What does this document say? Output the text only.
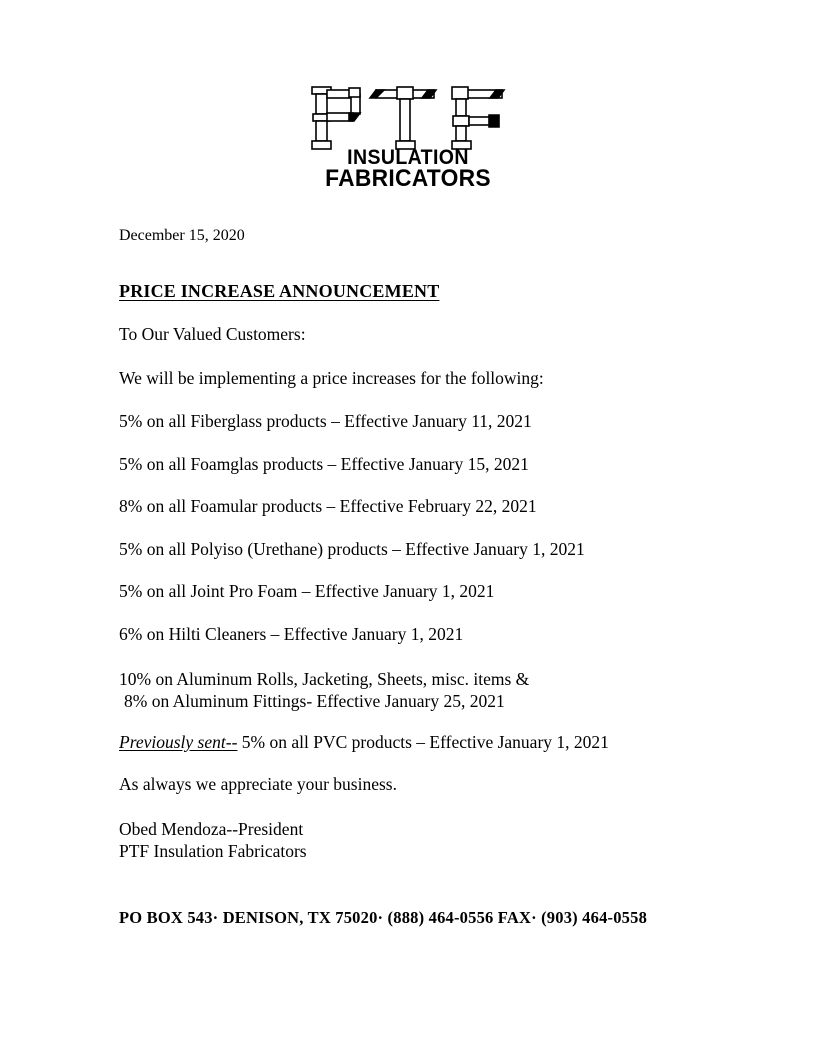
INSULATION
FABRICATORS
December 15, 2020
PRICE INCREASE ANNOUNCEMENT
To Our Valued Customers:
We will be implementing a price increases for the following:
5% on all Fiberglass products – Effective January 11, 2021
5% on all Foamglas products – Effective January 15, 2021
8% on all Foamular products – Effective February 22, 2021
5% on all Polyiso (Urethane) products – Effective January 1, 2021
5% on all Joint Pro Foam – Effective January 1, 2021
6% on Hilti Cleaners – Effective January 1, 2021
10% on Aluminum Rolls, Jacketing, Sheets, misc. items &
8% on Aluminum Fittings- Effective January 25, 2021
Previously sent-- 5% on all PVC products – Effective January 1, 2021
As always we appreciate your business.
Obed Mendoza--President
PTF Insulation Fabricators
PO BOX 543· DENISON, TX 75020· (888) 464-0556 FAX· (903) 464-0558
